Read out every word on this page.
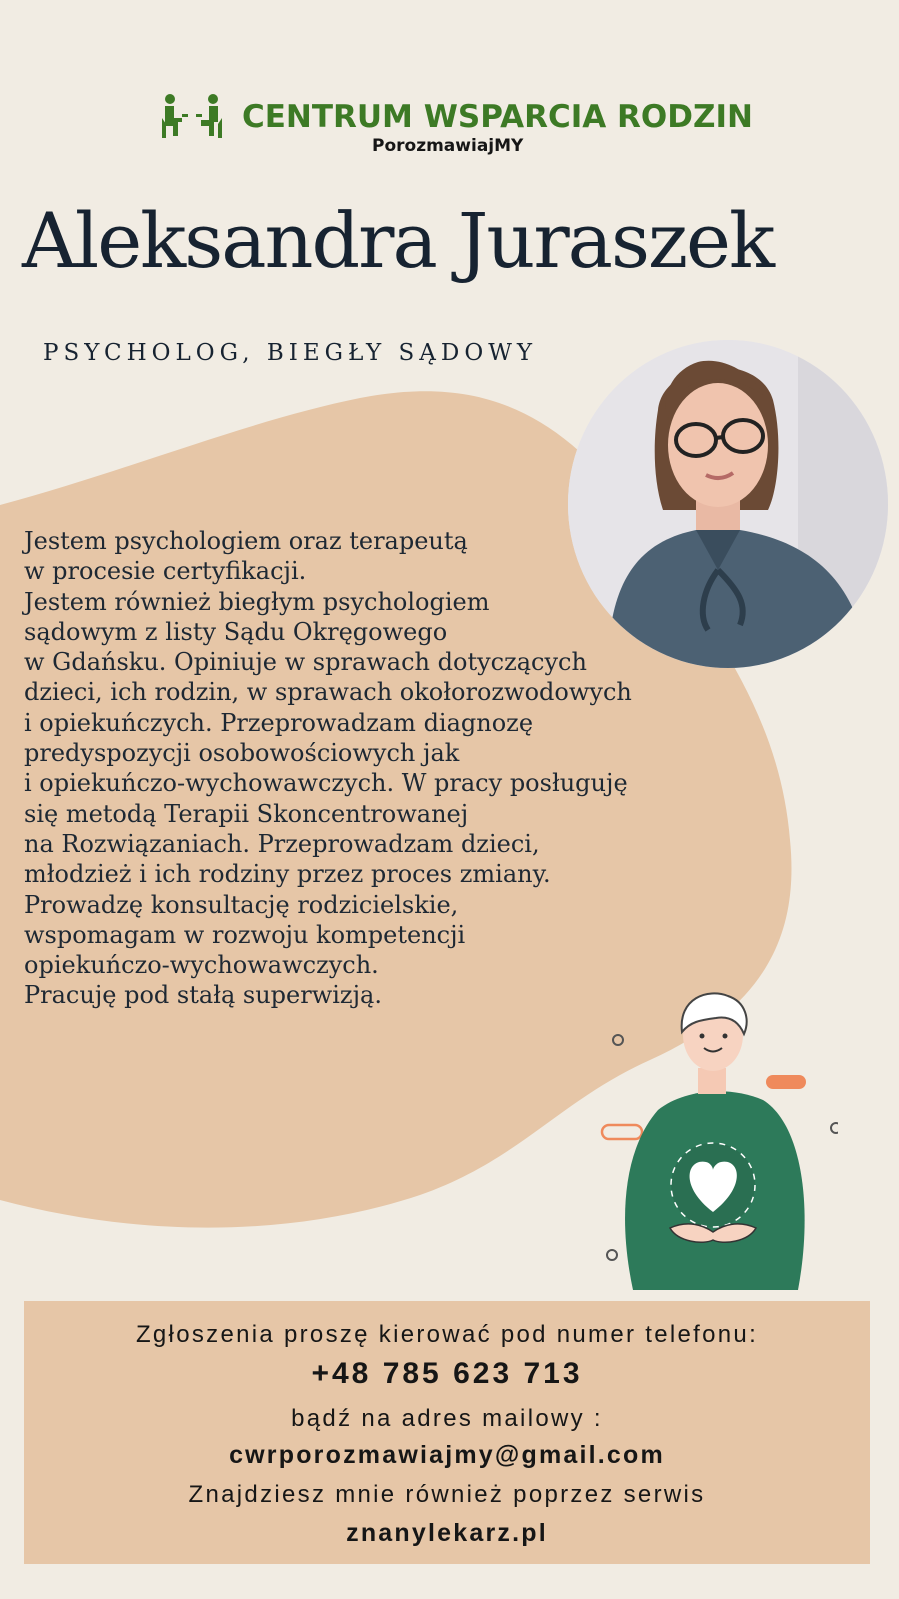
CENTRUM WSPARCIA RODZIN
PorozmawiajMY
Aleksandra Juraszek
PSYCHOLOG, BIEGŁY SĄDOWY
Jestem psychologiem oraz terapeutą
w procesie certyfikacji.
Jestem również biegłym psychologiem
sądowym z listy Sądu Okręgowego
w Gdańsku. Opiniuje w sprawach dotyczących
dzieci, ich rodzin, w sprawach okołorozwodowych
i opiekuńczych. Przeprowadzam diagnozę
predyspozycji osobowościowych jak
i opiekuńczo-wychowawczych. W pracy posługuję
się metodą Terapii Skoncentrowanej
na Rozwiązaniach. Przeprowadzam dzieci,
młodzież i ich rodziny przez proces zmiany.
Prowadzę konsultację rodzicielskie,
wspomagam w rozwoju kompetencji
opiekuńczo-wychowawczych.
Pracuję pod stałą superwizją.
Zgłoszenia proszę kierować pod numer telefonu:
+48 785 623 713
bądź na adres mailowy :
cwrporozmawiajmy@gmail.com
Znajdziesz mnie również poprzez serwis
znanylekarz.pl
